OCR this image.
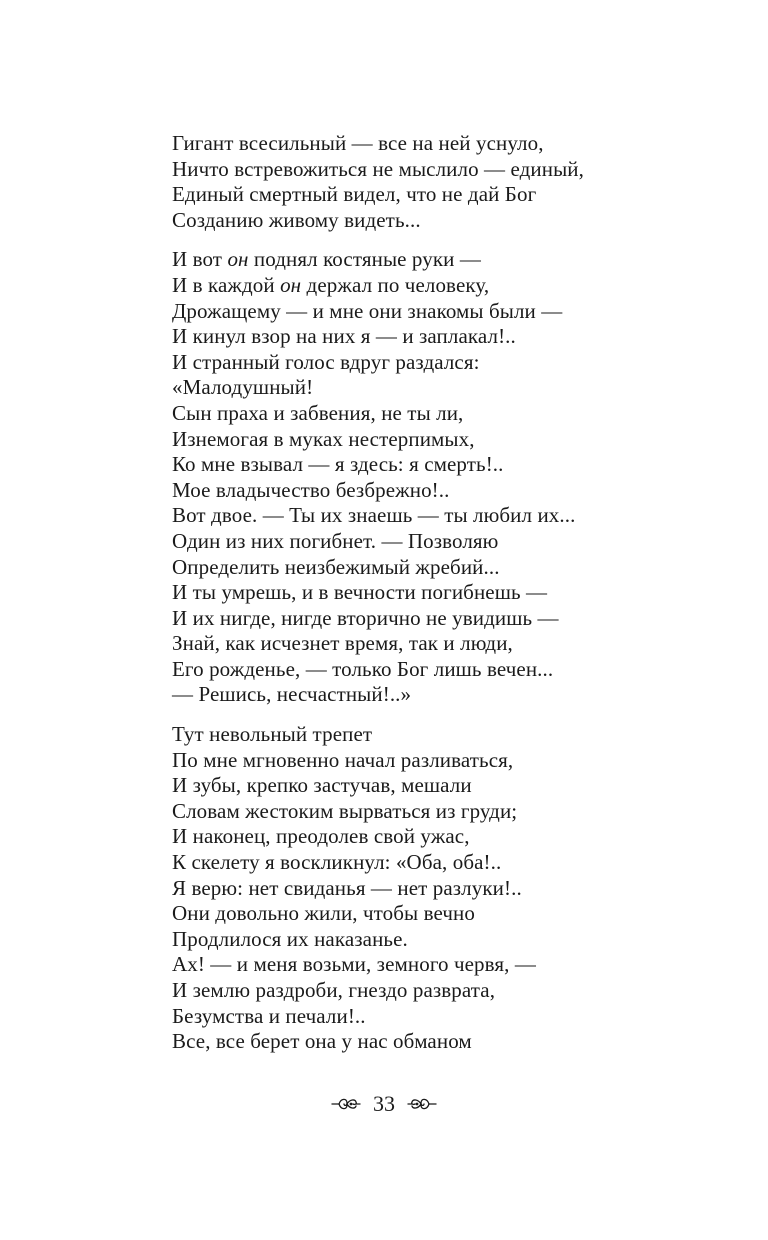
Гигант всесильный — все на ней уснуло,
Ничто встревожиться не мыслило — единый,
Единый смертный видел, что не дай Бог
Созданию живому видеть...
И вот он поднял костяные руки —
И в каждой он держал по человеку,
Дрожащему — и мне они знакомы были —
И кинул взор на них я — и заплакал!..
И странный голос вдруг раздался:
«Малодушный!
Сын праха и забвения, не ты ли,
Изнемогая в муках нестерпимых,
Ко мне взывал — я здесь: я смерть!..
Мое владычество безбрежно!..
Вот двое. — Ты их знаешь — ты любил их...
Один из них погибнет. — Позволяю
Определить неизбежимый жребий...
И ты умрешь, и в вечности погибнешь —
И их нигде, нигде вторично не увидишь —
Знай, как исчезнет время, так и люди,
Его рожденье, — только Бог лишь вечен...
— Решись, несчастный!..»
Тут невольный трепет
По мне мгновенно начал разливаться,
И зубы, крепко застучав, мешали
Словам жестоким вырваться из груди;
И наконец, преодолев свой ужас,
К скелету я воскликнул: «Оба, оба!..
Я верю: нет свиданья — нет разлуки!..
Они довольно жили, чтобы вечно
Продлилося их наказанье.
Ах! — и меня возьми, земного червя, —
И землю раздроби, гнездо разврата,
Безумства и печали!..
Все, все берет она у нас обманом
33
